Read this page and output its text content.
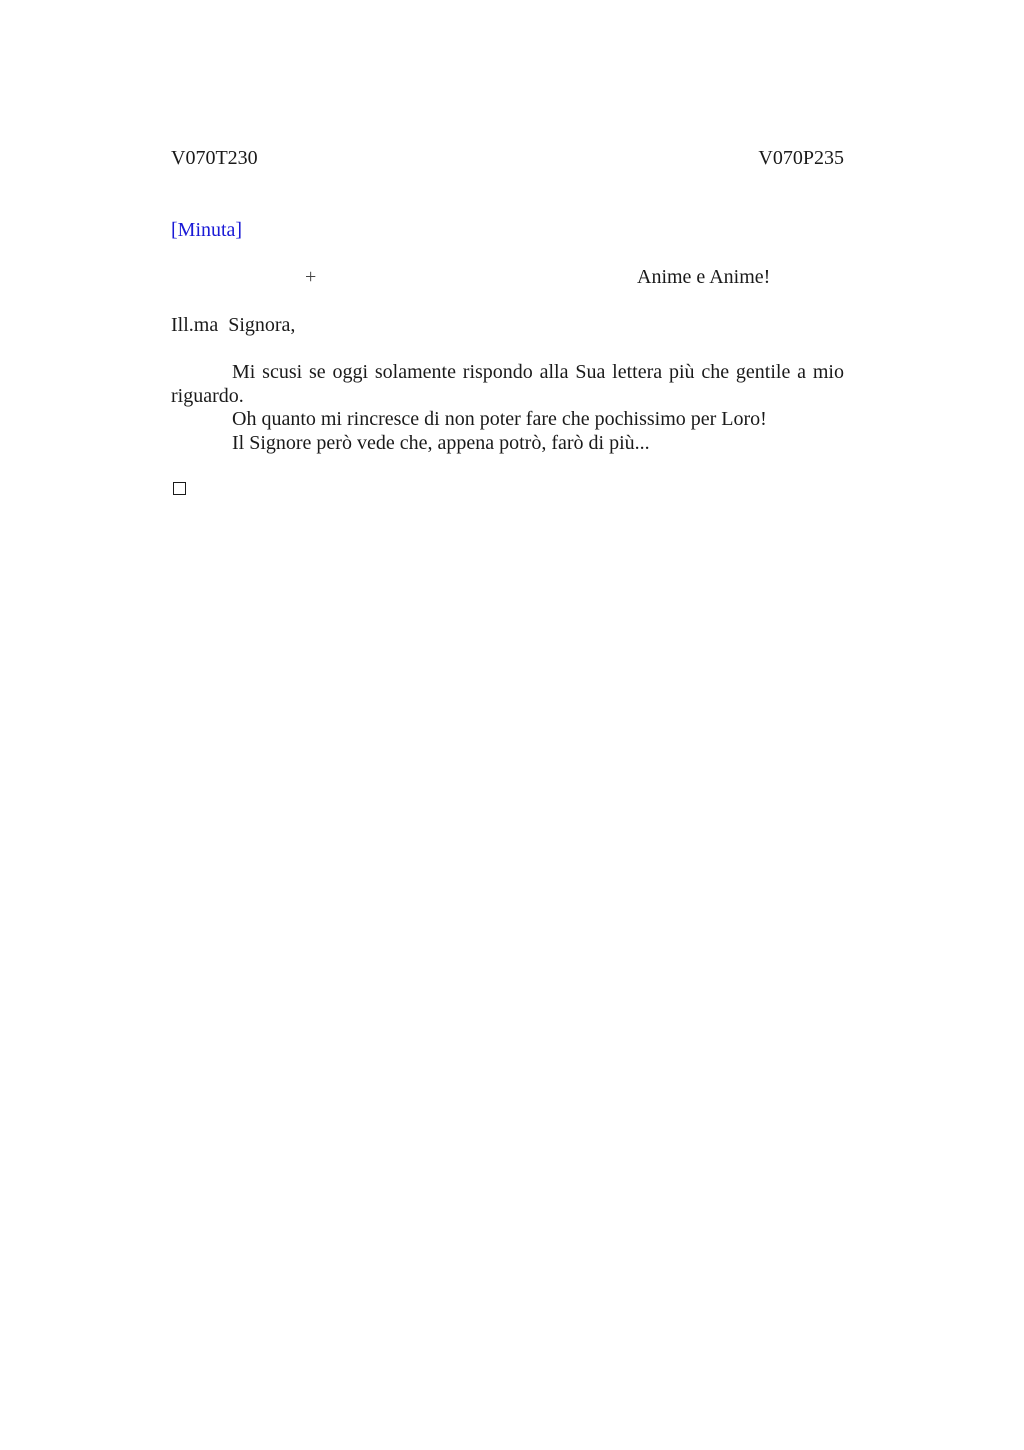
V070T230	V070P235
[Minuta]
+	Anime e Anime!
Ill.ma  Signora,

Mi scusi se oggi solamente rispondo alla Sua lettera più che gentile a mio riguardo.

Oh quanto mi rincresce di non poter fare che pochissimo per Loro!

Il Signore però vede che, appena potrò, farò di più...
